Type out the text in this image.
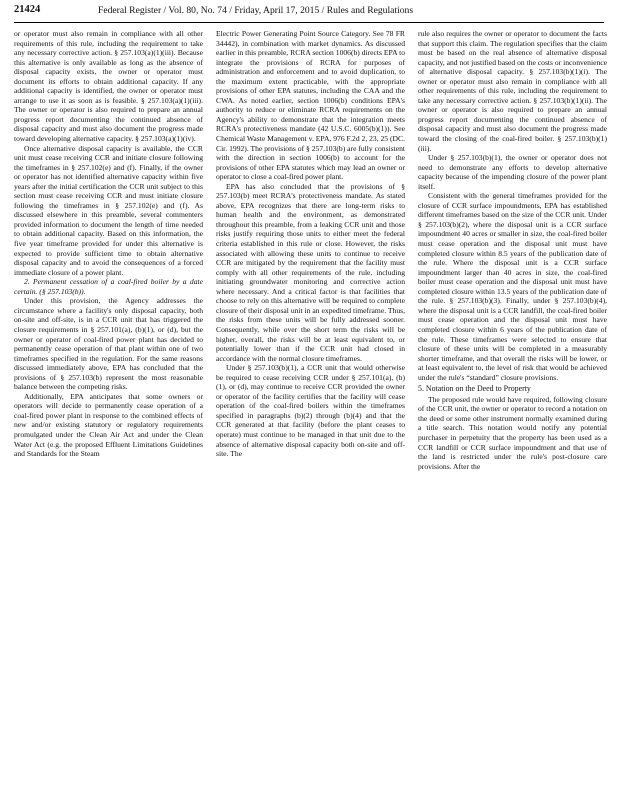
21424	Federal Register / Vol. 80, No. 74 / Friday, April 17, 2015 / Rules and Regulations

or operator must also remain in compliance with all other requirements of this rule, including the requirement to take any necessary corrective action. § 257.103(a)(1)(iii). Because this alternative is only available as long as the absence of disposal capacity exists, the owner or operator must document its efforts to obtain additional capacity. If any additional capacity is identified, the owner or operator must arrange to use it as soon as is feasible. § 257.103(a)(1)(iii). The owner or operator is also required to prepare an annual progress report documenting the continued absence of disposal capacity and must also document the progress made toward developing alternative capacity. § 257.103(a)(1)(iv).

Once alternative disposal capacity is available, the CCR unit must cease receiving CCR and initiate closure following the timeframes in § 257.102(e) and (f). Finally, if the owner or operator has not identified alternative capacity within five years after the initial certification the CCR unit subject to this section must cease receiving CCR and must initiate closure following the timeframes in § 257.102(e) and (f). As discussed elsewhere in this preamble, several commenters provided information to document the length of time needed to obtain additional capacity. Based on this information, the five year timeframe provided for under this alternative is expected to provide sufficient time to obtain alternative disposal capacity and to avoid the consequences of a forced immediate closure of a power plant.

2. Permanent cessation of a coal-fired boiler by a date certain. (§ 257.103(b)).

Under this provision, the Agency addresses the circumstance where a facility's only disposal capacity, both on-site and off-site, is in a CCR unit that has triggered the closure requirements in § 257.101(a), (b)(1), or (d), but the owner or operator of coal-fired power plant has decided to permanently cease operation of that plant within one of two timeframes specified in the regulation. For the same reasons discussed immediately above, EPA has concluded that the provisions of § 257.103(b) represent the most reasonable balance between the competing risks.

Additionally, EPA anticipates that some owners or operators will decide to permanently cease operation of a coal-fired power plant in response to the combined effects of new and/or existing statutory or regulatory requirements promulgated under the Clean Air Act and under the Clean Water Act (e.g. the proposed Effluent Limitations Guidelines and Standards for the Steam

Electric Power Generating Point Source Category. See 78 FR 34442), in combination with market dynamics. As discussed earlier in this preamble, RCRA section 1006(b) directs EPA to integrate the provisions of RCRA for purposes of administration and enforcement and to avoid duplication, to the maximum extent practicable, with the appropriate provisions of other EPA statutes, including the CAA and the CWA. As noted earlier, section 1006(b) conditions EPA's authority to reduce or eliminate RCRA requirements on the Agency's ability to demonstrate that the integration meets RCRA's protectiveness mandate (42 U.S.C. 6005(b)(1)). See Chemical Waste Management v. EPA, 976 F.2d 2, 23, 25 (DC. Cir. 1992). The provisions of § 257.103(b) are fully consistent with the direction in section 1006(b) to account for the provisions of other EPA statutes which may lead an owner or operator to close a coal-fired power plant.

EPA has also concluded that the provisions of § 257.103(b) meet RCRA's protectiveness mandate. As stated above, EPA recognizes that there are long-term risks to human health and the environment, as demonstrated throughout this preamble, from a leaking CCR unit and those risks justify requiring those units to either meet the federal criteria established in this rule or close. However, the risks associated with allowing these units to continue to receive CCR are mitigated by the requirement that the facility must comply with all other requirements of the rule, including initiating groundwater monitoring and corrective action where necessary. And a critical factor is that facilities that choose to rely on this alternative will be required to complete closure of their disposal unit in an expedited timeframe. Thus, the risks from these units will be fully addressed sooner. Consequently, while over the short term the risks will be higher, overall, the risks will be at least equivalent to, or potentially lower than if the CCR unit had closed in accordance with the normal closure timeframes.

Under § 257.103(b)(1), a CCR unit that would otherwise be required to cease receiving CCR under § 257.101(a), (b)(1), or (d), may continue to receive CCR provided the owner or operator of the facility certifies that the facility will cease operation of the coal-fired boilers within the timeframes specified in paragraphs (b)(2) through (b)(4) and that the CCR generated at that facility (before the plant ceases to operate) must continue to be managed in that unit due to the absence of alternative disposal capacity both on-site and off-site. The

rule also requires the owner or operator to document the facts that support this claim. The regulation specifies that the claim must be based on the real absence of alternative disposal capacity, and not justified based on the costs or inconvenience of alternative disposal capacity. § 257.103(b)(1)(i). The owner or operator must also remain in compliance with all other requirements of this rule, including the requirement to take any necessary corrective action. § 257.103(b)(1)(ii). The owner or operator is also required to prepare an annual progress report documenting the continued absence of disposal capacity and must also document the progress made toward the closing of the coal-fired boiler. § 257.103(b)(1)(iii).

Under § 257.103(b)(1), the owner or operator does not need to demonstrate any efforts to develop alternative capacity because of the impending closure of the power plant itself.

Consistent with the general timeframes provided for the closure of CCR surface impoundments, EPA has established different timeframes based on the size of the CCR unit. Under § 257.103(b)(2), where the disposal unit is a CCR surface impoundment 40 acres or smaller in size, the coal-fired boiler must cease operation and the disposal unit must have completed closure within 8.5 years of the publication date of the rule. Where the disposal unit is a CCR surface impoundment larger than 40 acres in size, the coal-fired boiler must cease operation and the disposal unit must have completed closure within 13.5 years of the publication date of the rule. § 257.103(b)(3). Finally, under § 257.103(b)(4), where the disposal unit is a CCR landfill, the coal-fired boiler must cease operation and the disposal unit must have completed closure within 6 years of the publication date of the rule. These timeframes were selected to ensure that closure of these units will be completed in a measurably shorter timeframe, and that overall the risks will be lower, or at least equivalent to, the level of risk that would be achieved under the rule's “standard” closure provisions.

5. Notation on the Deed to Property

The proposed rule would have required, following closure of the CCR unit, the owner or operator to record a notation on the deed or some other instrument normally examined during a title search. This notation would notify any potential purchaser in perpetuity that the property has been used as a CCR landfill or CCR surface impoundment and that use of the land is restricted under the rule's post-closure care provisions. After the
